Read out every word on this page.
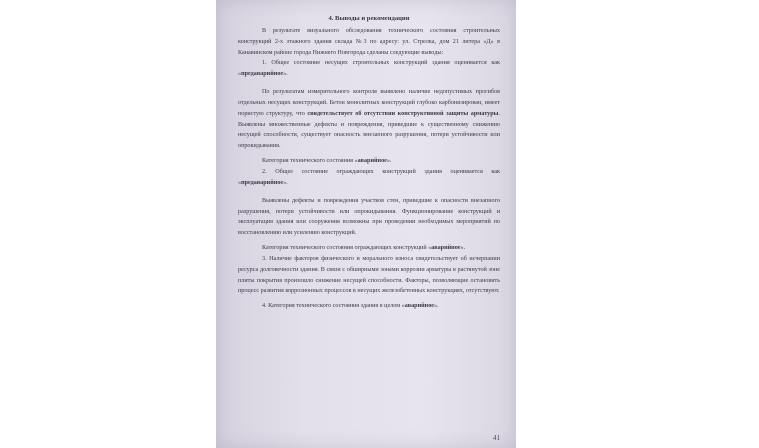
4. Выводы и рекомендации

В результате визуального обследования технического состояния строительных конструкций 2-х этажного здания склада №3 по адресу: ул. Стрелка, дом 21 литера «Д» в Канавинском районе города Нижнего Новгорода сделаны следующие выводы:

1. Общее состояние несущих строительных конструкций здания оценивается как «предаварийное».

По результатам измерительного контроля выявлено наличие недопустимых прогибов отдельных несущих конструкций. Бетон монолитных конструкций глубоко карбонизирован, имеет пористую структуру, что свидетельствует об отсутствии конструктивной защиты арматуры. Выявлены множественные дефекты и повреждения, приведшие к существенному снижению несущей способности, существует опасность внезапного разрушения, потери устойчивости или опрокидывания.

Категория технического состояния «аварийное».

2. Общее состояние ограждающих конструкций здания оценивается как «предаварийное».

Выявлены дефекты и повреждения участков стен, приведшие к опасности внезапного разрушения, потери устойчивости или опрокидывания. Функционирование конструкций и эксплуатация здания или сооружения возможны при проведении необходимых мероприятий по восстановлению или усилению конструкций.

Категория технического состояния ограждающих конструкций «аварийное».

3. Наличие факторов физического и морального износа свидетельствует об исчерпании ресурса долговечности здания. В связи с обширными зонами коррозии арматуры в растянутой зоне плиты покрытия произошло снижение несущей способности. Факторы, позволяющие остановить процесс развития коррозионных процессов в несущих железобетонных конструкциях, отсутствуют.

4. Категория технического состояния здания в целом «аварийное».

41
